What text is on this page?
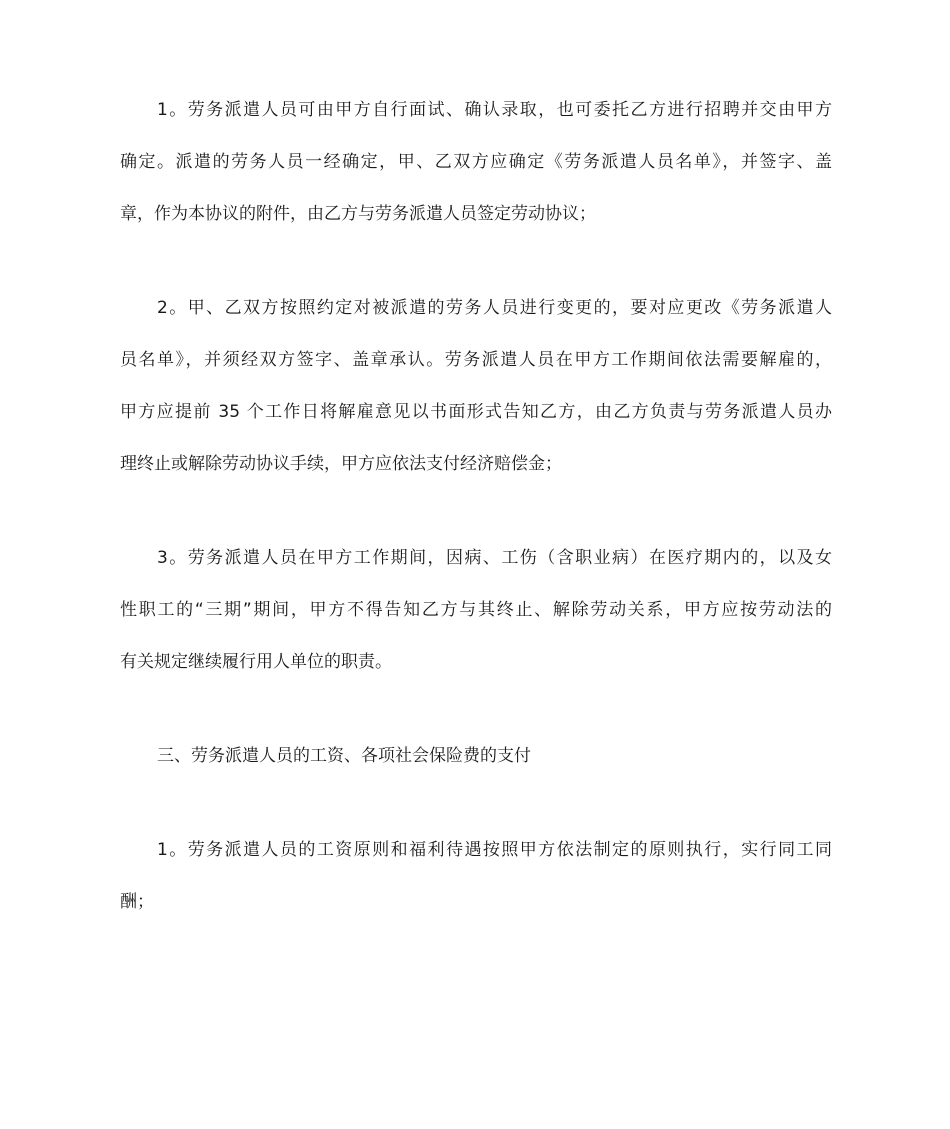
1。劳务派遣人员可由甲方自行面试、确认录取，也可委托乙方进行招聘并交由甲方
确定。派遣的劳务人员一经确定，甲、乙双方应确定《劳务派遣人员名单》，并签字、盖
章，作为本协议的附件，由乙方与劳务派遣人员签定劳动协议；
2。甲、乙双方按照约定对被派遣的劳务人员进行变更的，要对应更改《劳务派遣人
员名单》，并须经双方签字、盖章承认。劳务派遣人员在甲方工作期间依法需要解雇的，
甲方应提前 35 个工作日将解雇意见以书面形式告知乙方，由乙方负责与劳务派遣人员办
理终止或解除劳动协议手续，甲方应依法支付经济赔偿金；
3。劳务派遣人员在甲方工作期间，因病、工伤（含职业病）在医疗期内的，以及女
性职工的“三期”期间，甲方不得告知乙方与其终止、解除劳动关系，甲方应按劳动法的
有关规定继续履行用人单位的职责。
三、劳务派遣人员的工资、各项社会保险费的支付
1。劳务派遣人员的工资原则和福利待遇按照甲方依法制定的原则执行，实行同工同
酬；
